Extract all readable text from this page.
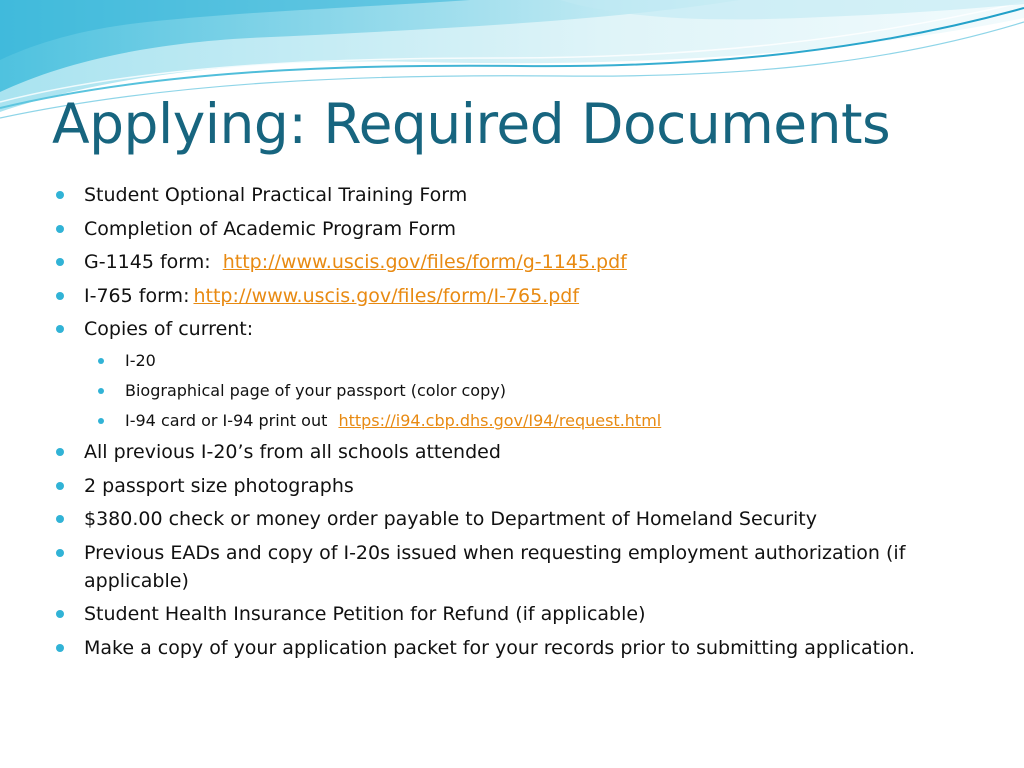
Applying: Required Documents
Student Optional Practical Training Form
Completion of Academic Program Form
G-1145 form: http://www.uscis.gov/files/form/g-1145.pdf
I-765 form: http://www.uscis.gov/files/form/I-765.pdf
Copies of current:
I-20
Biographical page of your passport (color copy)
I-94 card or I-94 print out https://i94.cbp.dhs.gov/I94/request.html
All previous I-20’s from all schools attended
2 passport size photographs
$380.00 check or money order payable to Department of Homeland Security
Previous EADs and copy of I-20s issued when requesting employment authorization (if applicable)
Student Health Insurance Petition for Refund (if applicable)
Make a copy of your application packet for your records prior to submitting application.
